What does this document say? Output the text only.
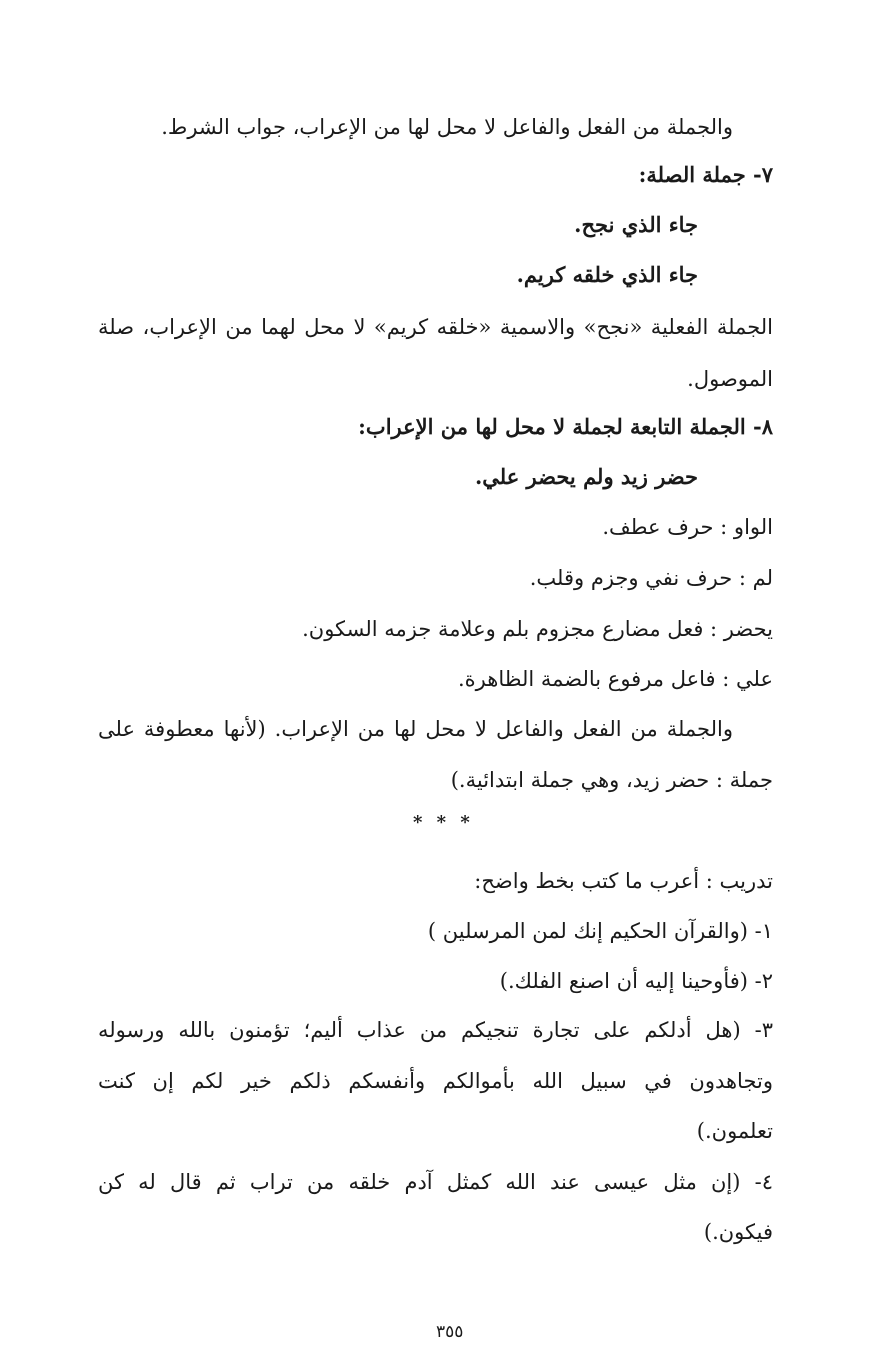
والجملة من الفعل والفاعل لا محل لها من الإعراب، جواب الشرط.
٧- جملة الصلة:
جاء الذي نجح.
جاء الذي خلقه كريم.
الجملة الفعلية «نجح» والاسمية «خلقه كريم» لا محل لهما من الإعراب، صلة
الموصول.
٨- الجملة التابعة لجملة لا محل لها من الإعراب:
حضر زيد ولم يحضر علي.
الواو : حرف عطف.
لم : حرف نفي وجزم وقلب.
يحضر : فعل مضارع مجزوم بلم وعلامة جزمه السكون.
علي : فاعل مرفوع بالضمة الظاهرة.
والجملة من الفعل والفاعل لا محل لها من الإعراب. (لأنها معطوفة على
جملة : حضر زيد، وهي جملة ابتدائية.)
* * *
تدريب : أعرب ما كتب بخط واضح:
١- (والقرآن الحكيم إنك لمن المرسلين )
٢- (فأوحينا إليه أن اصنع الفلك.)
٣- (هل أدلكم على تجارة تنجيكم من عذاب أليم؛ تؤمنون بالله ورسوله
وتجاهدون في سبيل الله بأموالكم وأنفسكم ذلكم خير لكم إن كنت
تعلمون.)
٤- (إن مثل عيسى عند الله كمثل آدم خلقه من تراب ثم قال له كن
فيكون.)
٣٥٥
